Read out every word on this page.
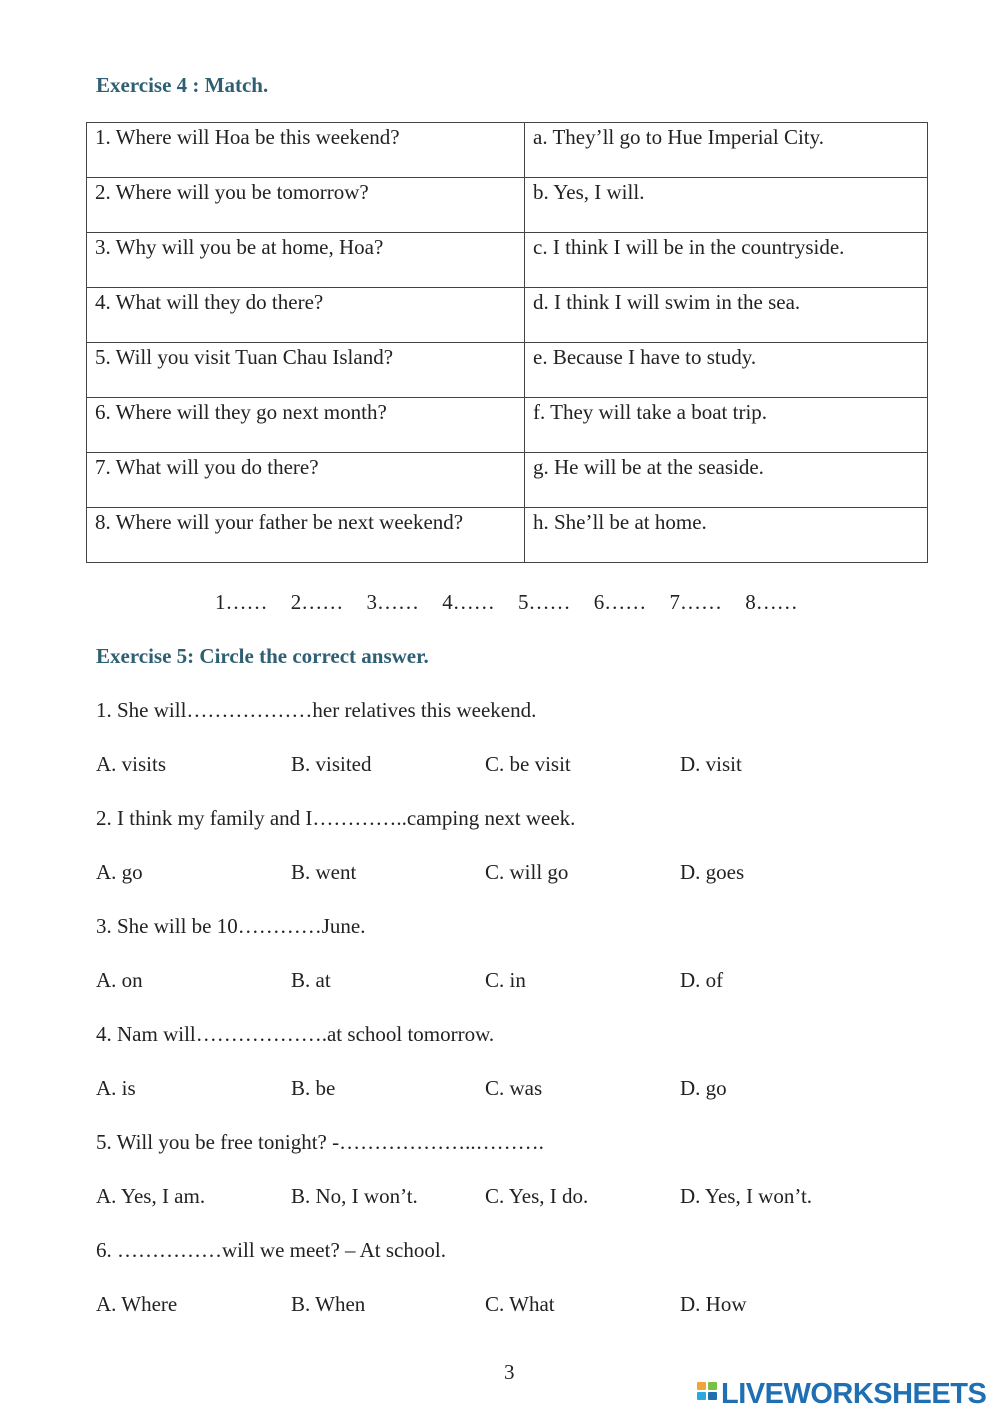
Exercise 4 : Match.
1. Where will Hoa be this weekend?	a. They’ll go to Hue Imperial City.
2. Where will you be tomorrow?	b. Yes, I will.
3. Why will you be at home, Hoa?	c. I think I will be in the countryside.
4. What will they do there?	d. I think I will swim in the sea.
5. Will you visit Tuan Chau Island?	e. Because I have to study.
6. Where will they go next month?	f. They will take a boat trip.
7. What will you do there?	g. He will be at the seaside.
8. Where will your father be next weekend?	h. She’ll be at home.
1…… 2…… 3…… 4…… 5…… 6…… 7…… 8……
Exercise 5: Circle the correct answer.
1. She will………………her relatives this weekend.
A. visits	B. visited	C. be visit	D. visit
2. I think my family and I…………..camping next week.
A. go	B. went	C. will go	D. goes
3. She will be 10…………June.
A. on	B. at	C. in	D. of
4. Nam will……………….at school tomorrow.
A. is	B. be	C. was	D. go
5. Will you be free tonight? -………………..……….
A. Yes, I am.	B. No, I won’t.	C. Yes, I do.	D. Yes, I won’t.
6. ……………will we meet? – At school.
A. Where	B. When	C. What	D. How
3
LIVEWORKSHEETS
